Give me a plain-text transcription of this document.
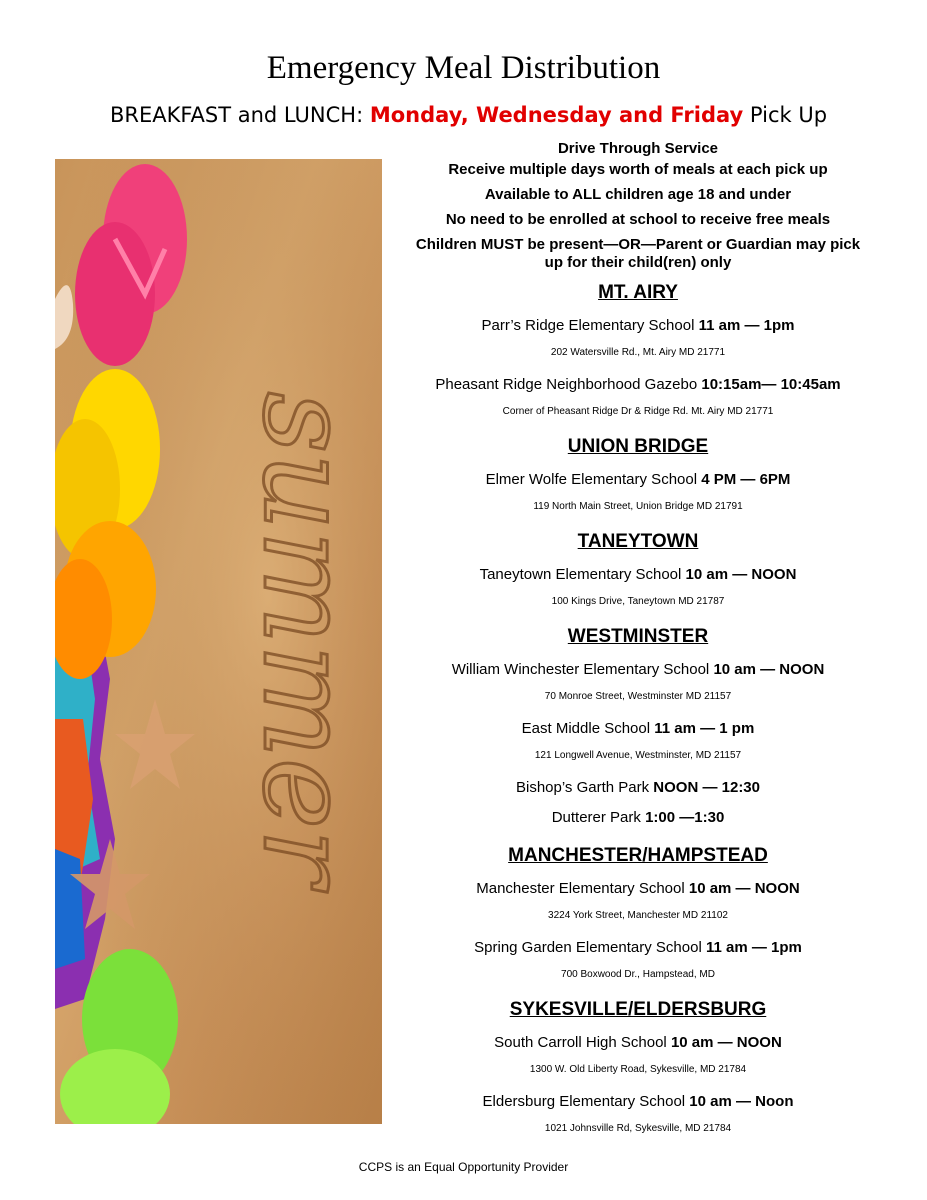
Emergency Meal Distribution
BREAKFAST and LUNCH: Monday, Wednesday and Friday Pick Up
summer
Drive Through Service
Receive multiple days worth of meals at each pick up
Available to ALL children age 18 and under
No need to be enrolled at school to receive free meals
Children MUST be present—OR—Parent or Guardian may pick up for their child(ren) only
MT. AIRY
Parr’s Ridge Elementary School 11 am — 1pm
202 Watersville Rd., Mt. Airy MD 21771
Pheasant Ridge Neighborhood Gazebo 10:15am— 10:45am
Corner of Pheasant Ridge Dr & Ridge Rd. Mt. Airy MD 21771
UNION BRIDGE
Elmer Wolfe Elementary School 4 PM — 6PM
119 North Main Street, Union Bridge MD 21791
TANEYTOWN
Taneytown Elementary School 10 am — NOON
100 Kings Drive, Taneytown MD 21787
WESTMINSTER
William Winchester Elementary School 10 am — NOON
70 Monroe Street, Westminster MD 21157
East Middle School 11 am — 1 pm
121 Longwell Avenue, Westminster, MD 21157
Bishop’s Garth Park NOON — 12:30
Dutterer Park 1:00 —1:30
MANCHESTER/HAMPSTEAD
Manchester Elementary School 10 am — NOON
3224 York Street, Manchester MD 21102
Spring Garden Elementary School 11 am — 1pm
700 Boxwood Dr., Hampstead, MD
SYKESVILLE/ELDERSBURG
South Carroll High School 10 am — NOON
1300 W. Old Liberty Road, Sykesville, MD 21784
Eldersburg Elementary School 10 am — Noon
1021 Johnsville Rd, Sykesville, MD 21784
CCPS is an Equal Opportunity Provider
